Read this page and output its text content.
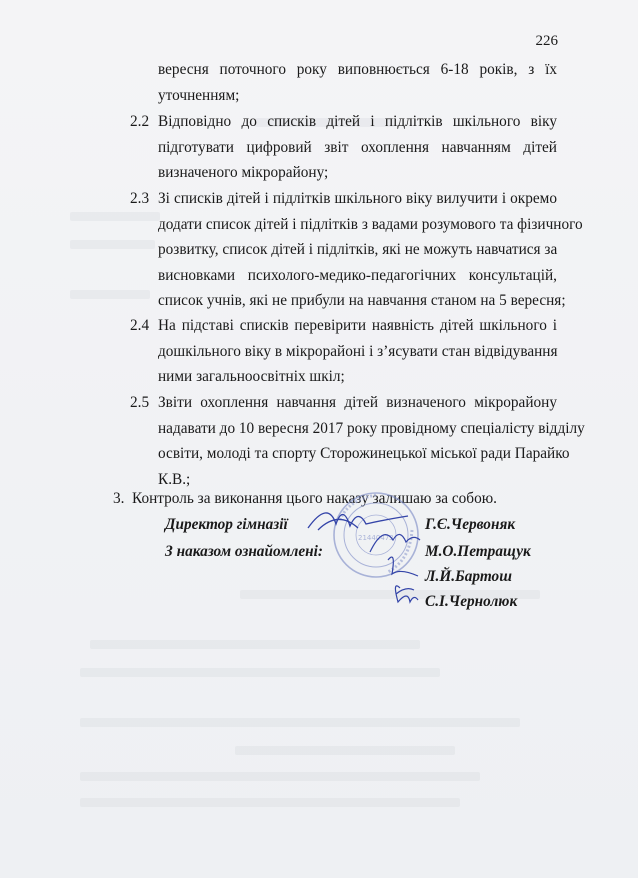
226
вересня поточного року виповнюється 6-18 років, з їх
уточненням;
2.2 Відповідно до списків дітей і підлітків шкільного віку
підготувати цифровий звіт охоплення навчанням дітей
визначеного мікрорайону;
2.3 Зі списків дітей і підлітків шкільного віку вилучити і окремо
додати список дітей і підлітків з вадами розумового та фізичного
розвитку, список дітей і підлітків, які не можуть навчатися за
висновками психолого-медико-педагогічних консультацій,
список учнів, які не прибули на навчання станом на 5 вересня;
2.4 На підставі списків перевірити наявність дітей шкільного і
дошкільного віку в мікрорайоні і з’ясувати стан відвідування
ними загальноосвітніх шкіл;
2.5 Звіти охоплення навчання дітей визначеного мікрорайону
надавати до 10 вересня 2017 року провідному спеціалісту відділу
освіти, молоді та спорту Сторожинецької міської ради Парайко
К.В.;
3. Контроль за виконання цього наказу залишаю за собою.
21440473
Директор гімназії	Г.Є.Червоняк
З наказом ознайомлені:	М.О.Петращук
Л.Й.Бартош
С.І.Чернолюк
